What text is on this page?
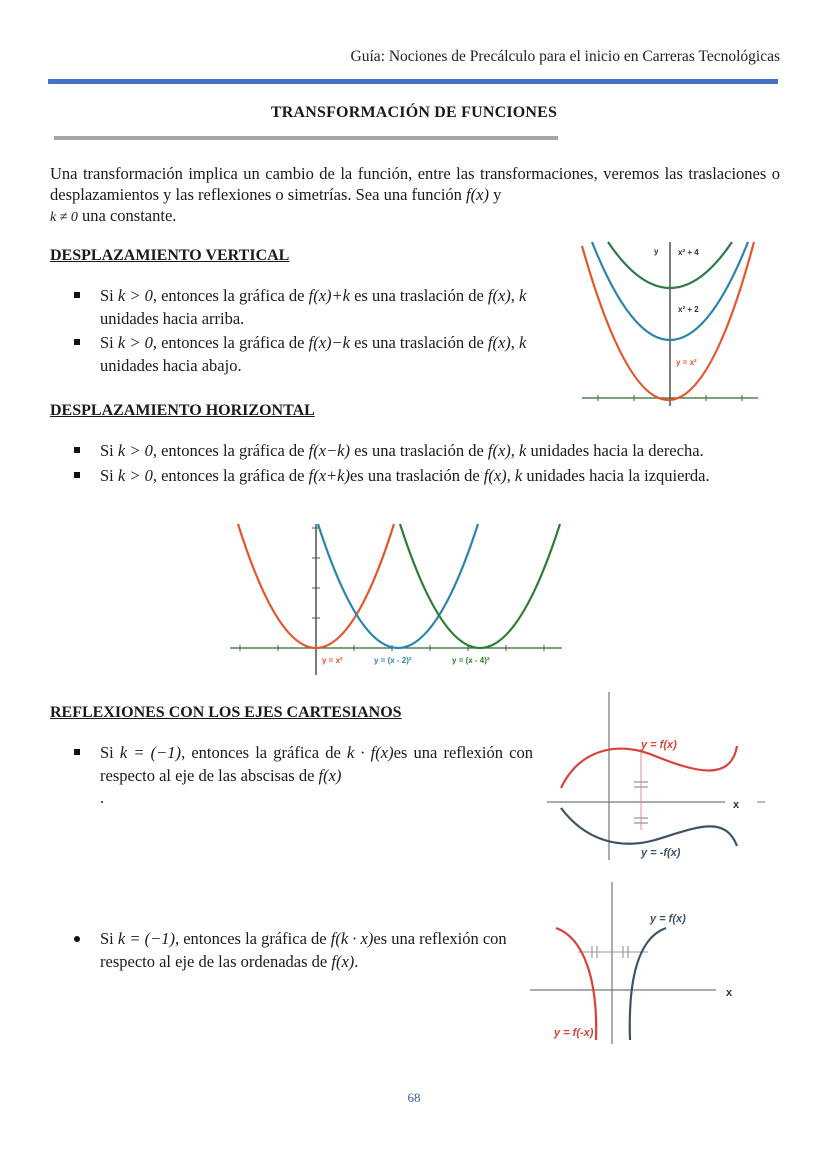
Guía: Nociones de Precálculo para el inicio en Carreras Tecnológicas
TRANSFORMACIÓN DE FUNCIONES
Una transformación implica un cambio de la función, entre las transformaciones, veremos las traslaciones o desplazamientos y las reflexiones o simetrías. Sea una función f(x) y
k ≠ 0 una constante.
DESPLAZAMIENTO VERTICAL
Si k > 0, entonces la gráfica de f(x)+k es una traslación de f(x), k unidades hacia arriba.
Si k > 0, entonces la gráfica de f(x)−k es una traslación de f(x), k unidades hacia abajo.
y x² + 4
x² + 2
y = x²
DESPLAZAMIENTO HORIZONTAL
Si k > 0, entonces la gráfica de f(x−k) es una traslación de f(x), k unidades hacia la derecha.
Si k > 0, entonces la gráfica de f(x+k)es una traslación de f(x), k unidades hacia la izquierda.
y = x²	y = (x - 2)²	y = (x - 4)²
REFLEXIONES CON LOS EJES CARTESIANOS
Si k = (−1), entonces la gráfica de k · f(x)es una reflexión con respecto al eje de las abscisas de f(x)
.
y = f(x)
y = -f(x)
x
Si k = (−1), entonces la gráfica de f(k · x)es una reflexión con respecto al eje de las ordenadas de f(x).
y = f(x)
y = f(-x)
x
68
